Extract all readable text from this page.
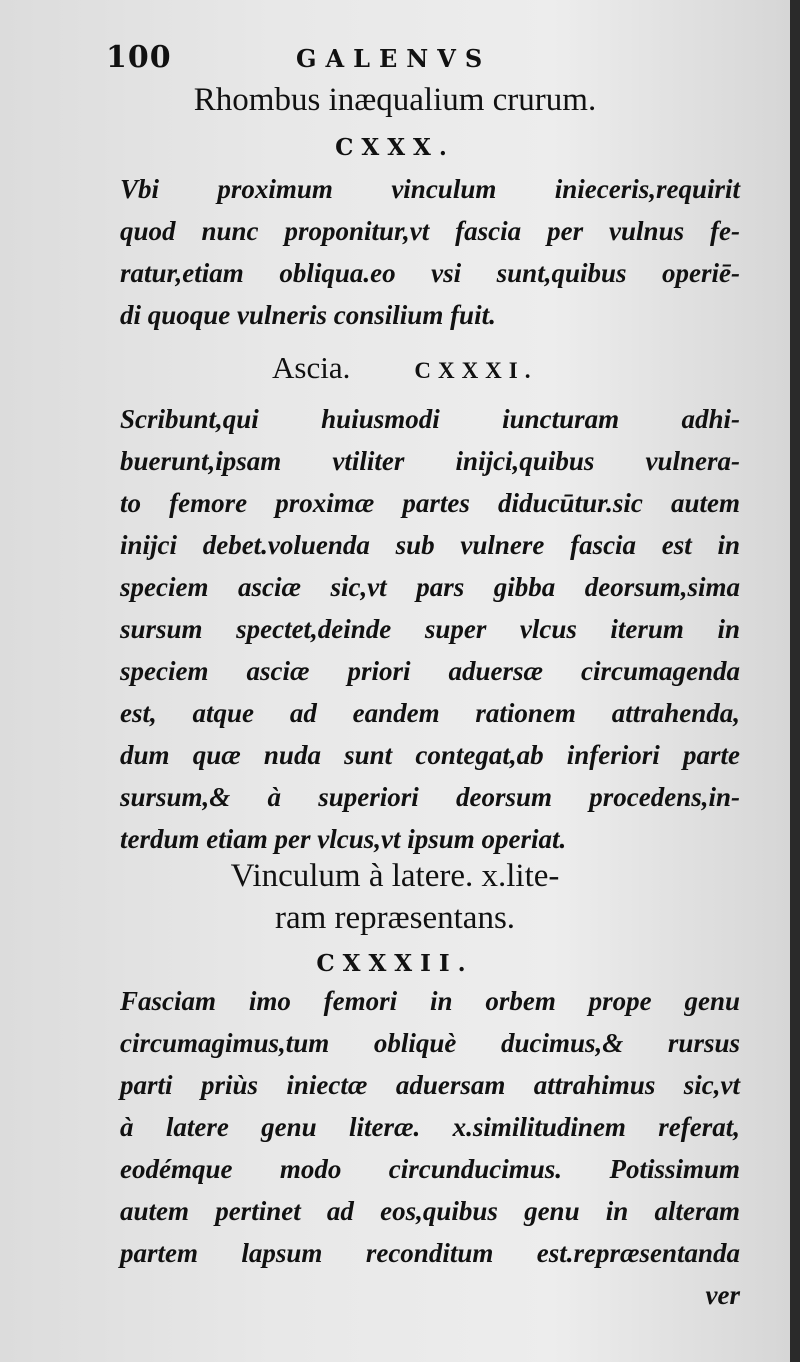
100	GALENVS
Rhombus inæqualium crurum.
CXXX.
Vbi proximum vinculum inieceris,requirit
quod nunc proponitur,vt fascia per vulnus fe-
ratur,etiam obliqua.eo vsi sunt,quibus operiē-
di quoque vulneris consilium fuit.
Ascia.	CXXXI.
Scribunt,qui huiusmodi iuncturam adhi-
buerunt,ipsam vtiliter inijci,quibus vulnera-
to femore proximæ partes diducūtur.sic autem
inijci debet.voluenda sub vulnere fascia est in
speciem asciæ sic,vt pars gibba deorsum,sima
sursum spectet,deinde super vlcus iterum in
speciem asciæ priori aduersæ circumagenda
est, atque ad eandem rationem attrahenda,
dum quæ nuda sunt contegat,ab inferiori parte
sursum,& à superiori deorsum procedens,in-
terdum etiam per vlcus,vt ipsum operiat.
Vinculum à latere. x.lite-
ram repræsentans.
CXXXII.
Fasciam imo femori in orbem prope genu
circumagimus,tum obliquè ducimus,& rursus
parti priùs iniectæ aduersam attrahimus sic,vt
à latere genu literæ. x.similitudinem referat,
eodémque modo circunducimus. Potissimum
autem pertinet ad eos,quibus genu in alteram
partem lapsum reconditum est.repræsentanda
ver
